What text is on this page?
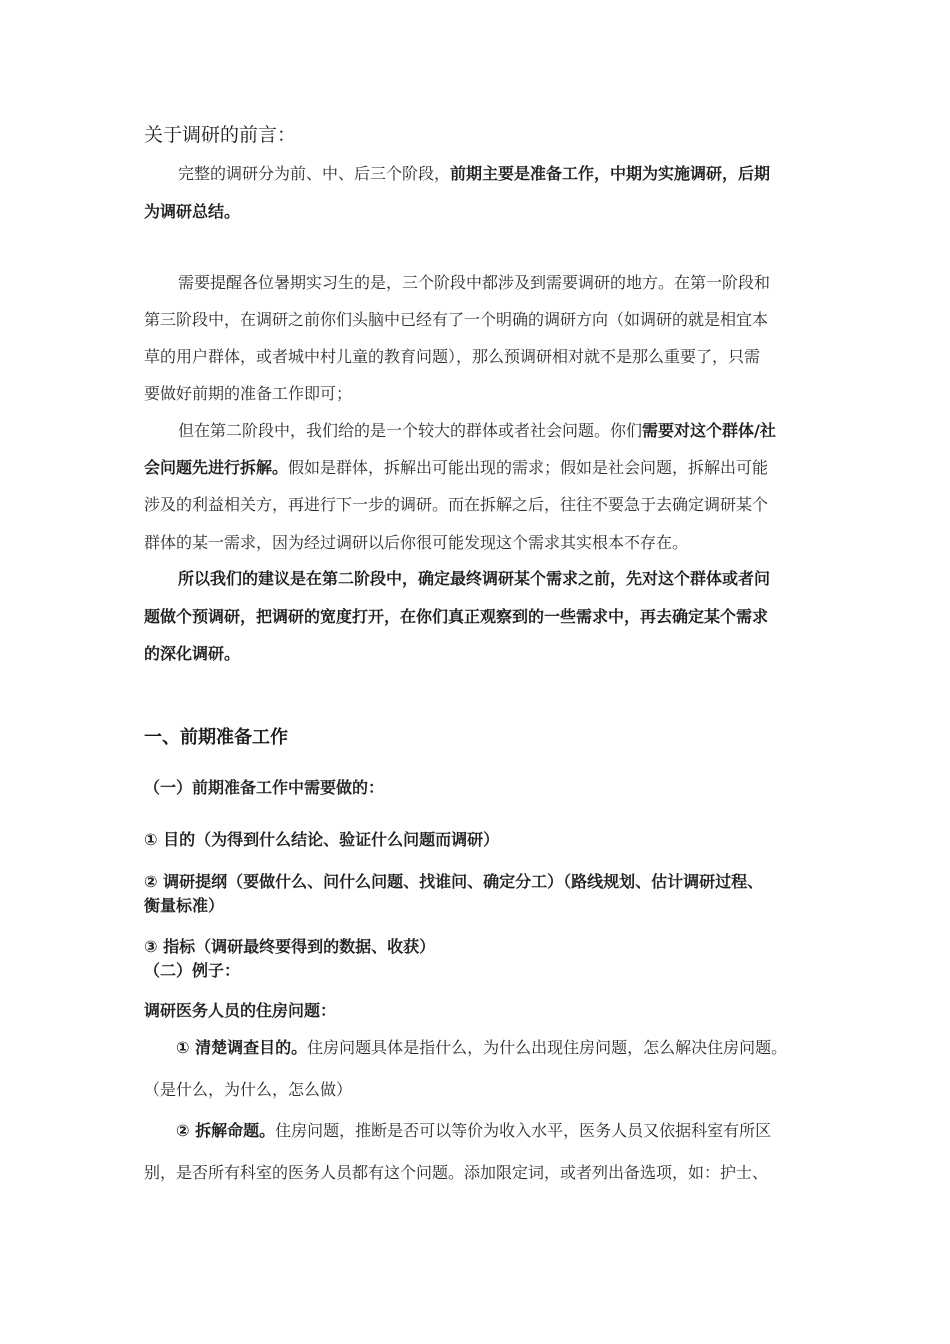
关于调研的前言：
完整的调研分为前、中、后三个阶段，前期主要是准备工作，中期为实施调研，后期
为调研总结。
需要提醒各位暑期实习生的是，三个阶段中都涉及到需要调研的地方。在第一阶段和
第三阶段中，在调研之前你们头脑中已经有了一个明确的调研方向（如调研的就是相宜本
草的用户群体，或者城中村儿童的教育问题），那么预调研相对就不是那么重要了，只需
要做好前期的准备工作即可；
但在第二阶段中，我们给的是一个较大的群体或者社会问题。你们需要对这个群体/社
会问题先进行拆解。假如是群体，拆解出可能出现的需求；假如是社会问题，拆解出可能
涉及的利益相关方，再进行下一步的调研。而在拆解之后，往往不要急于去确定调研某个
群体的某一需求，因为经过调研以后你很可能发现这个需求其实根本不存在。
所以我们的建议是在第二阶段中，确定最终调研某个需求之前，先对这个群体或者问
题做个预调研，把调研的宽度打开，在你们真正观察到的一些需求中，再去确定某个需求
的深化调研。
一、前期准备工作
（一）前期准备工作中需要做的：
① 目的（为得到什么结论、验证什么问题而调研）
② 调研提纲（要做什么、问什么问题、找谁问、确定分工）（路线规划、估计调研过程、
衡量标准）
③ 指标（调研最终要得到的数据、收获）
（二）例子：
调研医务人员的住房问题：
① 清楚调查目的。住房问题具体是指什么，为什么出现住房问题，怎么解决住房问题。
（是什么，为什么，怎么做）
② 拆解命题。住房问题，推断是否可以等价为收入水平，医务人员又依据科室有所区
别，是否所有科室的医务人员都有这个问题。添加限定词，或者列出备选项，如：护士、
